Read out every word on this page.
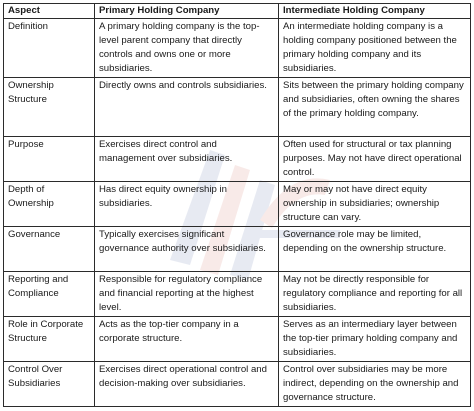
Aspect	Primary Holding Company	Intermediate Holding Company
Definition	A primary holding company is the top-level parent company that directly controls and owns one or more subsidiaries.	An intermediate holding company is a holding company positioned between the primary holding company and its subsidiaries.
Ownership Structure	Directly owns and controls subsidiaries.	Sits between the primary holding company and subsidiaries, often owning the shares of the primary holding company.
Purpose	Exercises direct control and management over subsidiaries.	Often used for structural or tax planning purposes. May not have direct operational control.
Depth of Ownership	Has direct equity ownership in subsidiaries.	May or may not have direct equity ownership in subsidiaries; ownership structure can vary.
Governance	Typically exercises significant governance authority over subsidiaries.	Governance role may be limited, depending on the ownership structure.
Reporting and Compliance	Responsible for regulatory compliance and financial reporting at the highest level.	May not be directly responsible for regulatory compliance and reporting for all subsidiaries.
Role in Corporate Structure	Acts as the top-tier company in a corporate structure.	Serves as an intermediary layer between the top-tier primary holding company and subsidiaries.
Control Over Subsidiaries	Exercises direct operational control and decision-making over subsidiaries.	Control over subsidiaries may be more indirect, depending on the ownership and governance structure.
